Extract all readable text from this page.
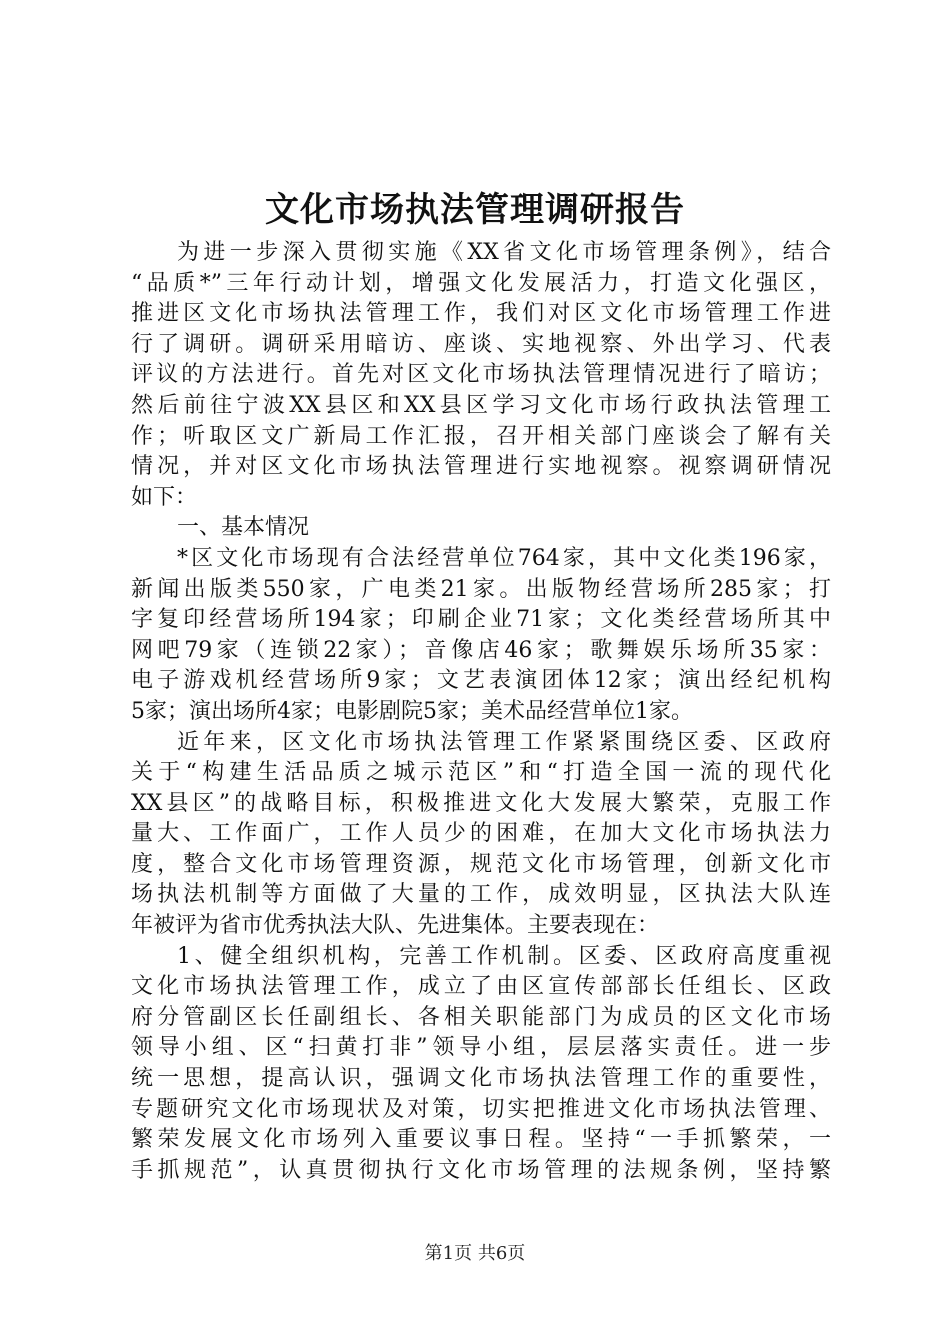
文化市场执法管理调研报告
为进一步深入贯彻实施《XX省文化市场管理条例》，结合
“品质*”三年行动计划，增强文化发展活力，打造文化强区，
推进区文化市场执法管理工作，我们对区文化市场管理工作进
行了调研。调研采用暗访、座谈、实地视察、外出学习、代表
评议的方法进行。首先对区文化市场执法管理情况进行了暗访；
然后前往宁波XX县区和XX县区学习文化市场行政执法管理工
作；听取区文广新局工作汇报，召开相关部门座谈会了解有关
情况，并对区文化市场执法管理进行实地视察。视察调研情况
如下：
一、基本情况
*区文化市场现有合法经营单位764家，其中文化类196家，
新闻出版类550家，广电类21家。出版物经营场所285家；打
字复印经营场所194家；印刷企业71家；文化类经营场所其中
网吧79家（连锁22家）；音像店46家；歌舞娱乐场所35家：
电子游戏机经营场所9家；文艺表演团体12家；演出经纪机构
5家；演出场所4家；电影剧院5家；美术品经营单位1家。
近年来，区文化市场执法管理工作紧紧围绕区委、区政府
关于“构建生活品质之城示范区”和“打造全国一流的现代化
XX县区”的战略目标，积极推进文化大发展大繁荣，克服工作
量大、工作面广，工作人员少的困难，在加大文化市场执法力
度，整合文化市场管理资源，规范文化市场管理，创新文化市
场执法机制等方面做了大量的工作，成效明显，区执法大队连
年被评为省市优秀执法大队、先进集体。主要表现在：
1、健全组织机构，完善工作机制。区委、区政府高度重视
文化市场执法管理工作，成立了由区宣传部部长任组长、区政
府分管副区长任副组长、各相关职能部门为成员的区文化市场
领导小组、区“扫黄打非”领导小组，层层落实责任。进一步
统一思想，提高认识，强调文化市场执法管理工作的重要性，
专题研究文化市场现状及对策，切实把推进文化市场执法管理、
繁荣发展文化市场列入重要议事日程。坚持“一手抓繁荣，一
手抓规范”，认真贯彻执行文化市场管理的法规条例，坚持繁
第1页 共6页
